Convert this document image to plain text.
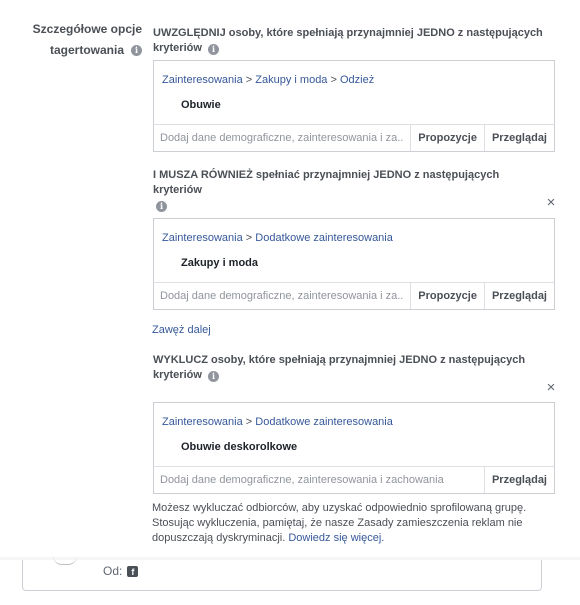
Szczegółowe opcje
tagertowania	i
UWZGLĘDNIJ osoby, które spełniają przynajmniej JEDNO z następujących kryteriów i
Zainteresowania > Zakupy i moda > Odzież
Obuwie
Dodaj dane demograficzne, zainteresowania i za...
Propozycje	Przeglądaj
I MUSZA RÓWNIEŻ spełniać przynajmniej JEDNO z następujących kryteriów
i	×
Zainteresowania > Dodatkowe zainteresowania
Zakupy i moda
Dodaj dane demograficzne, zainteresowania i za...
Propozycje	Przeglądaj
Zawęż dalej
WYKLUCZ osoby, które spełniają przynajmniej JEDNO z następujących kryteriów i
×
Zainteresowania > Dodatkowe zainteresowania
Obuwie deskorolkowe
Dodaj dane demograficzne, zainteresowania i zachowania
Przeglądaj
Możesz wykluczać odbiorców, aby uzyskać odpowiednio sprofilowaną grupę. Stosując wykluczenia, pamiętaj, że nasze Zasady zamieszczenia reklam nie dopuszczają dyskryminacji. Dowiedz się więcej.
Od:	f
